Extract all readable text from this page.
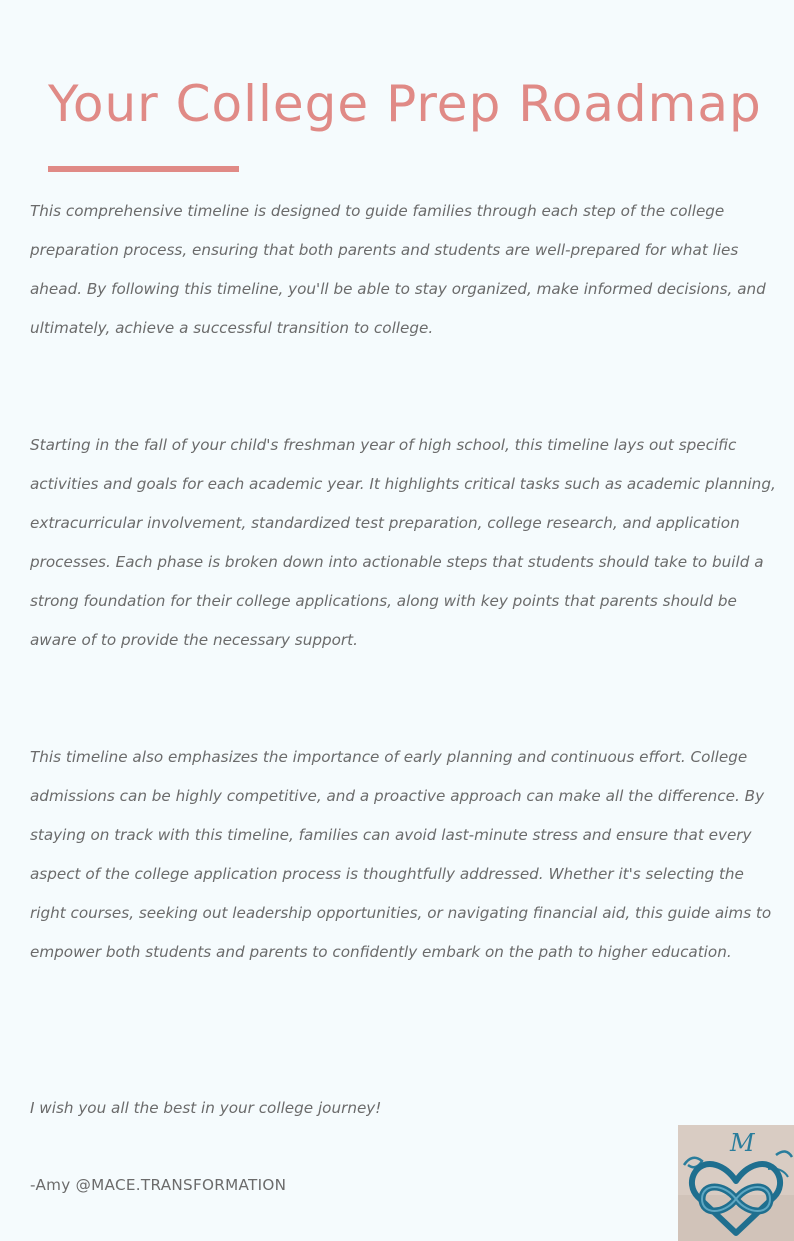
Your College Prep Roadmap

This comprehensive timeline is designed to guide families through each step of the college preparation process, ensuring that both parents and students are well-prepared for what lies ahead. By following this timeline, you'll be able to stay organized, make informed decisions, and ultimately, achieve a successful transition to college.

Starting in the fall of your child's freshman year of high school, this timeline lays out specific activities and goals for each academic year. It highlights critical tasks such as academic planning, extracurricular involvement, standardized test preparation, college research, and application processes. Each phase is broken down into actionable steps that students should take to build a strong foundation for their college applications, along with key points that parents should be aware of to provide the necessary support.

This timeline also emphasizes the importance of early planning and continuous effort. College admissions can be highly competitive, and a proactive approach can make all the difference. By staying on track with this timeline, families can avoid last-minute stress and ensure that every aspect of the college application process is thoughtfully addressed. Whether it's selecting the right courses, seeking out leadership opportunities, or navigating financial aid, this guide aims to empower both students and parents to confidently embark on the path to higher education.

I wish you all the best in your college journey!

-Amy @MACE.TRANSFORMATION

M
